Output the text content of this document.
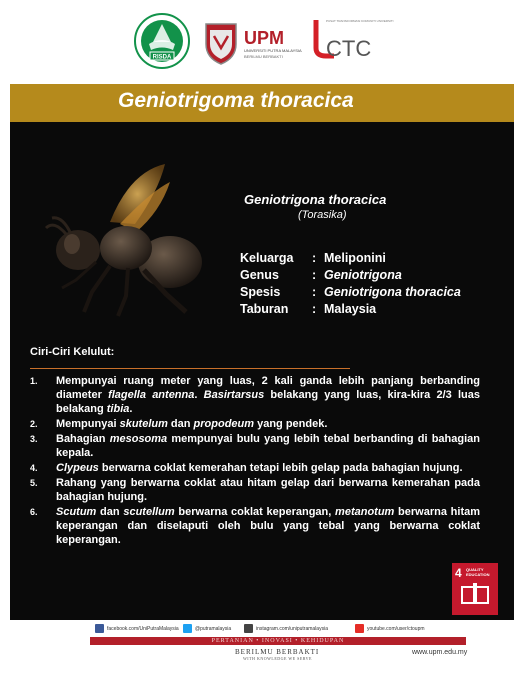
RISDA
UPM
UNIVERSITI PUTRA MALAYSIA
BERILMU BERBAKTI CTC
PUSAT TRANSFORMASI KOMUNITI UNIVERSITI
Geniotrigoma thoracica
Geniotrigona thoracica
(Torasika)
Keluarga	: Meliponini
Genus	: Geniotrigona
Spesis	: Geniotrigona thoracica
Taburan	: Malaysia
Ciri-Ciri Kelulut:
1.	Mempunyai ruang meter yang luas, 2 kali ganda lebih panjang berbanding diameter flagella antenna. Basirtarsus belakang yang luas, kira-kira 2/3 luas belakang tibia.
2.	Mempunyai skutelum dan propodeum yang pendek.
3.	Bahagian mesosoma mempunyai bulu yang lebih tebal berbanding di bahagian kepala.
4.	Clypeus berwarna coklat kemerahan tetapi lebih gelap pada bahagian hujung.
5.	Rahang yang berwarna coklat atau hitam gelap dari berwarna kemerahan pada bahagian hujung.
6.	Scutum dan scutellum berwarna coklat keperangan, metanotum berwarna hitam keperangan dan diselaputi oleh bulu yang tebal yang berwarna coklat keperangan.
4 QUALITY EDUCATION
facebook.com/UniPutraMalaysia	@putramalaysia	instagram.com/uniputramalaysia	youtube.com/user/ctoupm
PERTANIAN • INOVASI • KEHIDUPAN
BERILMU BERBAKTI
WITH KNOWLEDGE WE SERVE
www.upm.edu.my
